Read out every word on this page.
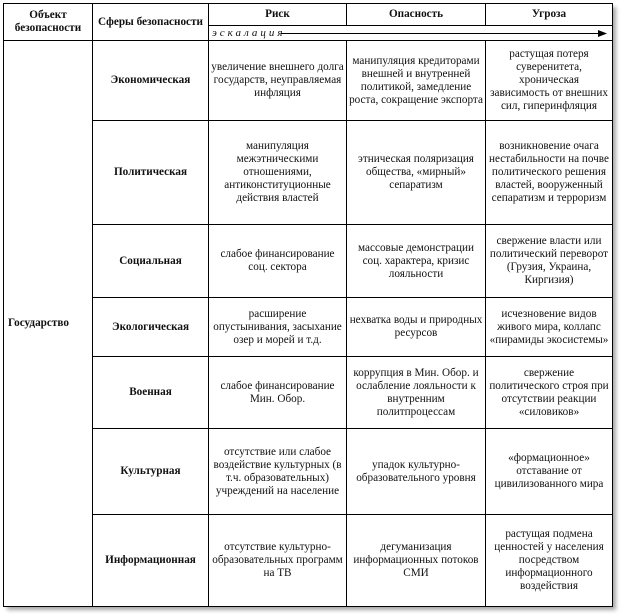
Объект безопасности	Сферы безопасности	Риск	Опасность	Угроза

		эскалация		

Государство	Экономическая	увеличение внешнего долга государств, неуправляемая инфляция	манипуляция кредиторами внешней и внутренней политикой, замедление роста, сокращение экспорта	растущая потеря суверенитета, хроническая зависимость от внешних сил, гиперинфляция
	Политическая	манипуляция межэтническими отношениями, антиконституционные действия властей	этническая поляризация общества, «мирный» сепаратизм	возникновение очага нестабильности на почве политического решения властей, вооруженный сепаратизм и терроризм
	Социальная	слабое финансирование соц. сектора	массовые демонстрации соц. характера, кризис лояльности	свержение власти или политический переворот (Грузия, Украина, Киргизия)
	Экологическая	расширение опустынивания, засыхание озер и морей и т.д.	нехватка воды и природных ресурсов	исчезновение видов живого мира, коллапс «пирамиды экосистемы»
	Военная	слабое финансирование Мин. Обор.	коррупция в Мин. Обор. и ослабление лояльности к внутренним политпроцессам	свержение политического строя при отсутствии реакции «силовиков»
	Культурная	отсутствие или слабое воздействие культурных (в т.ч. образовательных) учреждений на население	упадок культурно-образовательного уровня	«формационное» отставание от цивилизованного мира
	Информационная	отсутствие культурно-образовательных программ на ТВ	дегуманизация информационных потоков СМИ	растущая подмена ценностей у населения посредством информационного воздействия
